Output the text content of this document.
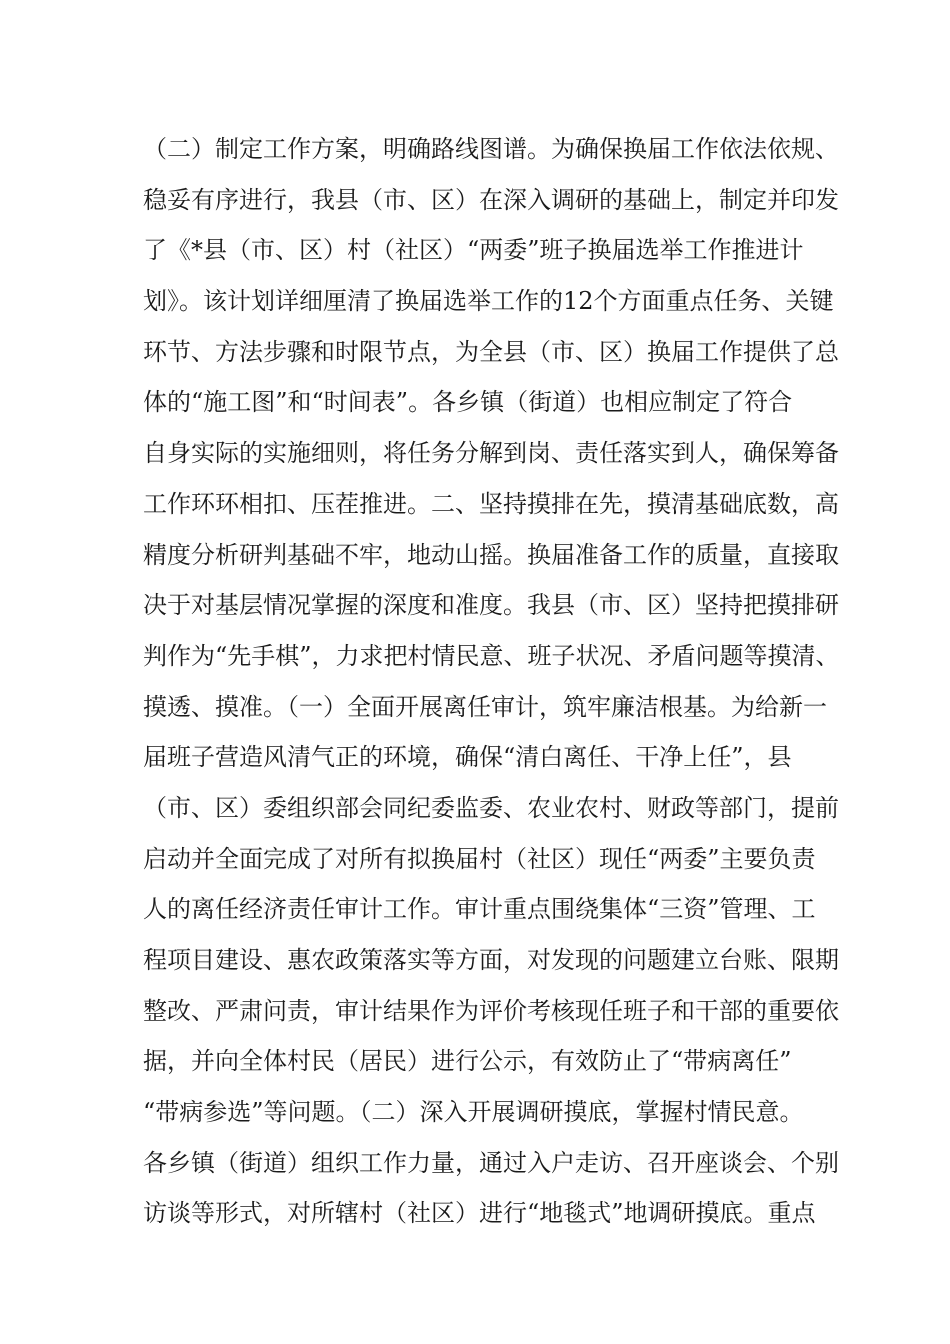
（二）制定工作方案，明确路线图谱。为确保换届工作依法依规、
稳妥有序进行，我县（市、区）在深入调研的基础上，制定并印发
了《*县（市、区）村（社区）“两委”班子换届选举工作推进计
划》。该计划详细厘清了换届选举工作的12个方面重点任务、关键
环节、方法步骤和时限节点，为全县（市、区）换届工作提供了总
体的“施工图”和“时间表”。各乡镇（街道）也相应制定了符合
自身实际的实施细则，将任务分解到岗、责任落实到人，确保筹备
工作环环相扣、压茬推进。二、坚持摸排在先，摸清基础底数，高
精度分析研判基础不牢，地动山摇。换届准备工作的质量，直接取
决于对基层情况掌握的深度和准度。我县（市、区）坚持把摸排研
判作为“先手棋”，力求把村情民意、班子状况、矛盾问题等摸清、
摸透、摸准。（一）全面开展离任审计，筑牢廉洁根基。为给新一
届班子营造风清气正的环境，确保“清白离任、干净上任”，县
（市、区）委组织部会同纪委监委、农业农村、财政等部门，提前
启动并全面完成了对所有拟换届村（社区）现任“两委”主要负责
人的离任经济责任审计工作。审计重点围绕集体“三资”管理、工
程项目建设、惠农政策落实等方面，对发现的问题建立台账、限期
整改、严肃问责，审计结果作为评价考核现任班子和干部的重要依
据，并向全体村民（居民）进行公示，有效防止了“带病离任”
“带病参选”等问题。（二）深入开展调研摸底，掌握村情民意。
各乡镇（街道）组织工作力量，通过入户走访、召开座谈会、个别
访谈等形式，对所辖村（社区）进行“地毯式”地调研摸底。重点
